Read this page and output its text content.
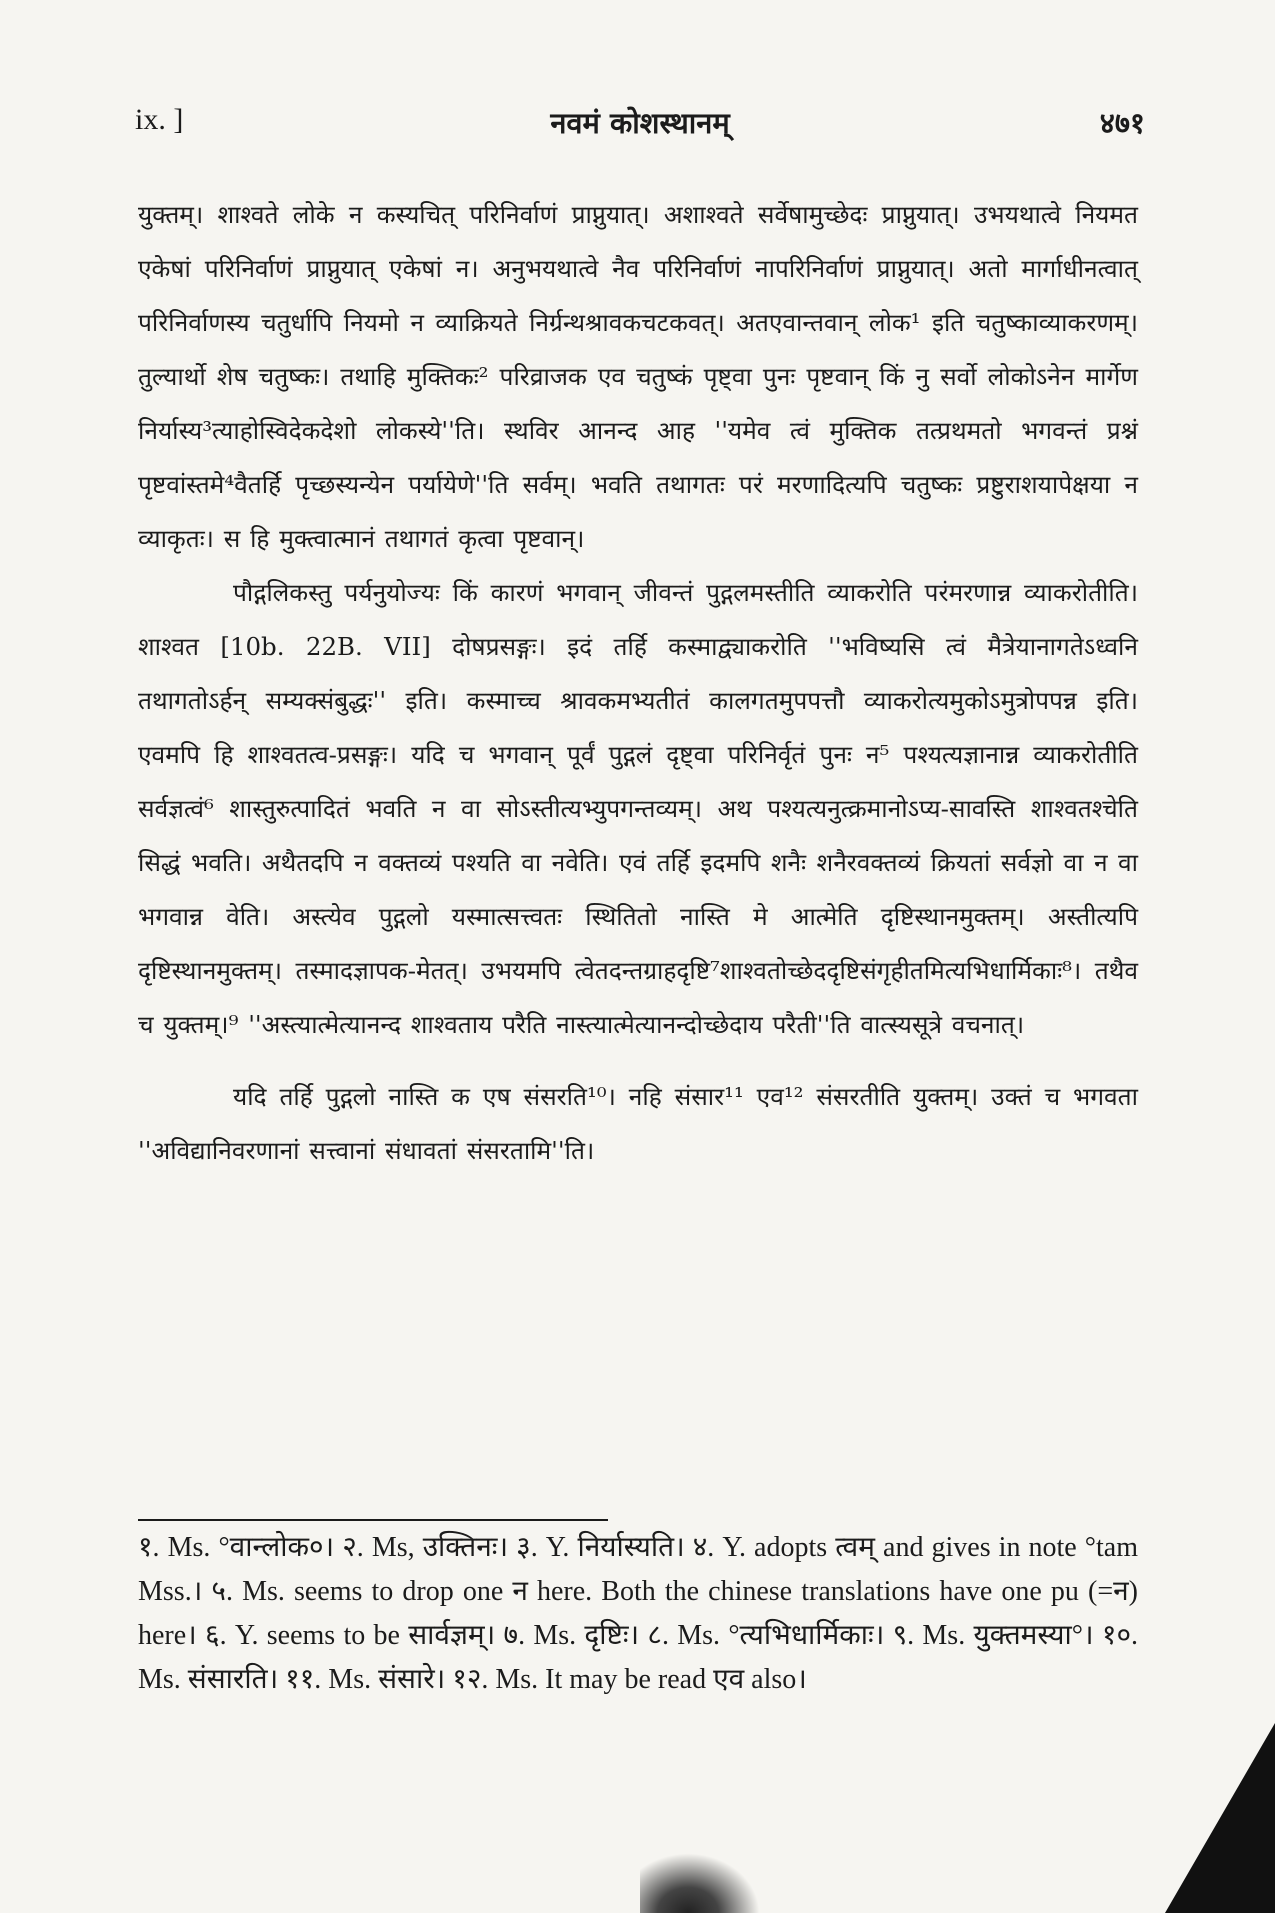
ix. ]	नवमं कोशस्थानम्	४७१

युक्तम्। शाश्वते लोके न कस्यचित् परिनिर्वाणं प्राप्नुयात्। अशाश्वते सर्वेषामुच्छेदः प्राप्नुयात्। उभयथात्वे नियमत एकेषां परिनिर्वाणं प्राप्नुयात् एकेषां न। अनुभयथात्वे नैव परिनिर्वाणं नापरिनिर्वाणं प्राप्नुयात्। अतो मार्गाधीनत्वात् परिनिर्वाणस्य चतुर्धापि नियमो न व्याक्रियते निर्ग्रन्थश्रावकचटकवत्। अतएवान्तवान् लोक¹ इति चतुष्काव्याकरणम्। तुल्यार्थो शेष चतुष्कः। तथाहि मुक्तिकः² परिव्राजक एव चतुष्कं पृष्ट्वा पुनः पृष्टवान् किं नु सर्वो लोकोऽनेन मार्गेण निर्यास्य³त्याहोस्विदेकदेशो लोकस्ये''ति। स्थविर आनन्द आह ''यमेव त्वं मुक्तिक तत्प्रथमतो भगवन्तं प्रश्नं पृष्टवांस्तमे⁴वैतर्हि पृच्छस्यन्येन पर्यायेणे''ति सर्वम्। भवति तथागतः परं मरणादित्यपि चतुष्कः प्रष्टुराशयापेक्षया न व्याकृतः। स हि मुक्त्वात्मानं तथागतं कृत्वा पृष्टवान्।

पौद्गलिकस्तु पर्यनुयोज्यः किं कारणं भगवान् जीवन्तं पुद्गलमस्तीति व्याकरोति परंमरणान्न व्याकरोतीति। शाश्वत [10b. 22B. VII] दोषप्रसङ्गः। इदं तर्हि कस्माद्व्याकरोति ''भविष्यसि त्वं मैत्रेयानागतेऽध्वनि तथागतोऽर्हन् सम्यक्संबुद्धः'' इति। कस्माच्च श्रावकमभ्यतीतं कालगतमुपपत्तौ व्याकरोत्यमुकोऽमुत्रोपपन्न इति। एवमपि हि शाश्वतत्व-प्रसङ्गः। यदि च भगवान् पूर्वं पुद्गलं दृष्ट्वा परिनिर्वृतं पुनः न⁵ पश्यत्यज्ञानान्न व्याकरोतीति सर्वज्ञत्वं⁶ शास्तुरुत्पादितं भवति न वा सोऽस्तीत्यभ्युपगन्तव्यम्। अथ पश्यत्यनुत्क्रमानोऽप्य-सावस्ति शाश्वतश्चेति सिद्धं भवति। अथैतदपि न वक्तव्यं पश्यति वा नवेति। एवं तर्हि इदमपि शनैः शनैरवक्तव्यं क्रियतां सर्वज्ञो वा न वा भगवान्न वेति। अस्त्येव पुद्गलो यस्मात्सत्त्वतः स्थितितो नास्ति मे आत्मेति दृष्टिस्थानमुक्तम्। अस्तीत्यपि दृष्टिस्थानमुक्तम्। तस्मादज्ञापक-मेतत्। उभयमपि त्वेतदन्तग्राहदृष्टि⁷शाश्वतोच्छेददृष्टिसंगृहीतमित्यभिधार्मिकाः⁸। तथैव च युक्तम्।⁹ ''अस्त्यात्मेत्यानन्द शाश्वताय परैति नास्त्यात्मेत्यानन्दोच्छेदाय परैती''ति वात्स्यसूत्रे वचनात्।

यदि तर्हि पुद्गलो नास्ति क एष संसरति¹⁰। नहि संसार¹¹ एव¹² संसरतीति युक्तम्। उक्तं च भगवता ''अविद्यानिवरणानां सत्त्वानां संधावतां संसरतामि''ति।

१. Ms. °वान्लोक०। २. Ms, उक्तिनः। ३. Y. निर्यास्यति। ४. Y. adopts त्वम् and gives in note °tam Mss.। ५. Ms. seems to drop one न here. Both the chinese translations have one pu (=न) here। ६. Y. seems to be सार्वज्ञम्। ७. Ms. दृष्टिः। ८. Ms. °त्यभिधार्मिकाः। ९. Ms. युक्तमस्या°। १०. Ms. संसारति। ११. Ms. संसारे। १२. Ms. It may be read एव also।
